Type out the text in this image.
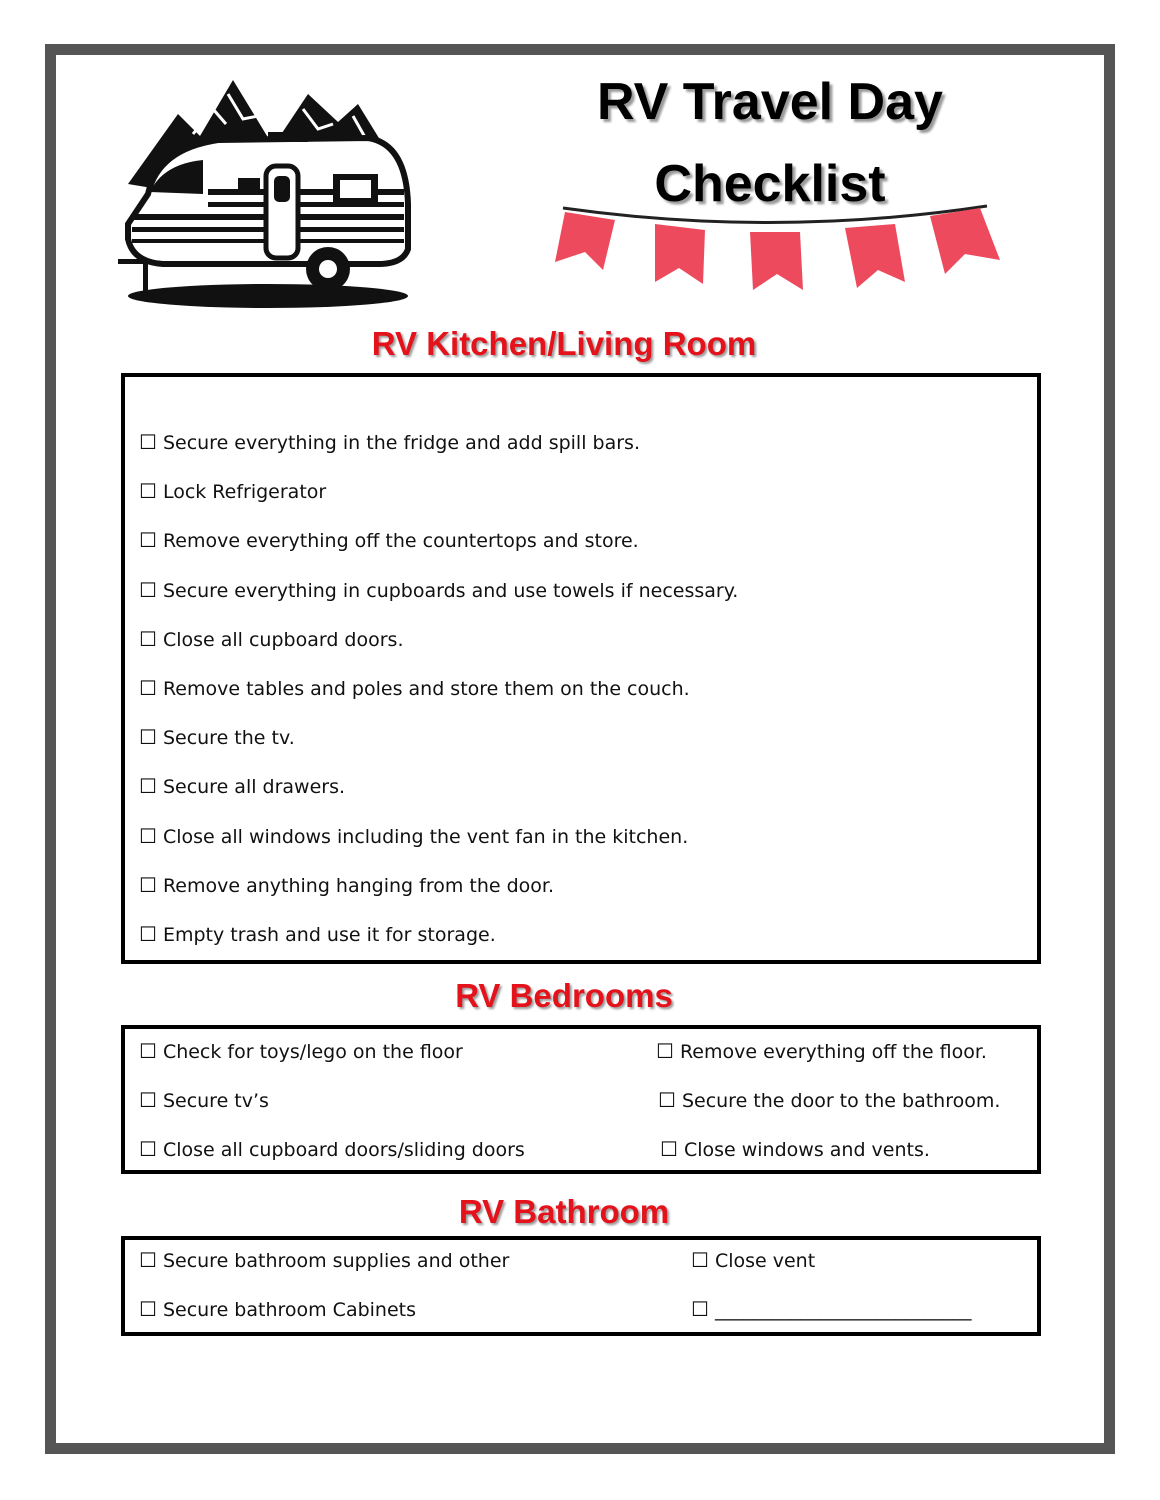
RV Travel Day
Checklist
RV Kitchen/Living Room
☐ Secure everything in the fridge and add spill bars.
☐ Lock Refrigerator
☐ Remove everything off the countertops and store.
☐ Secure everything in cupboards and use towels if necessary.
☐ Close all cupboard doors.
☐ Remove tables and poles and store them on the couch.
☐ Secure the tv.
☐ Secure all drawers.
☐ Close all windows including the vent fan in the kitchen.
☐ Remove anything hanging from the door.
☐ Empty trash and use it for storage.
RV Bedrooms
☐ Check for toys/lego on the floor
☐ Secure tv’s
☐ Close all cupboard doors/sliding doors
☐ Remove everything off the floor.
☐ Secure the door to the bathroom.
☐ Close windows and vents.
RV Bathroom
☐ Secure bathroom supplies and other
☐ Secure bathroom Cabinets
☐ Close vent
☐ ___________________________
